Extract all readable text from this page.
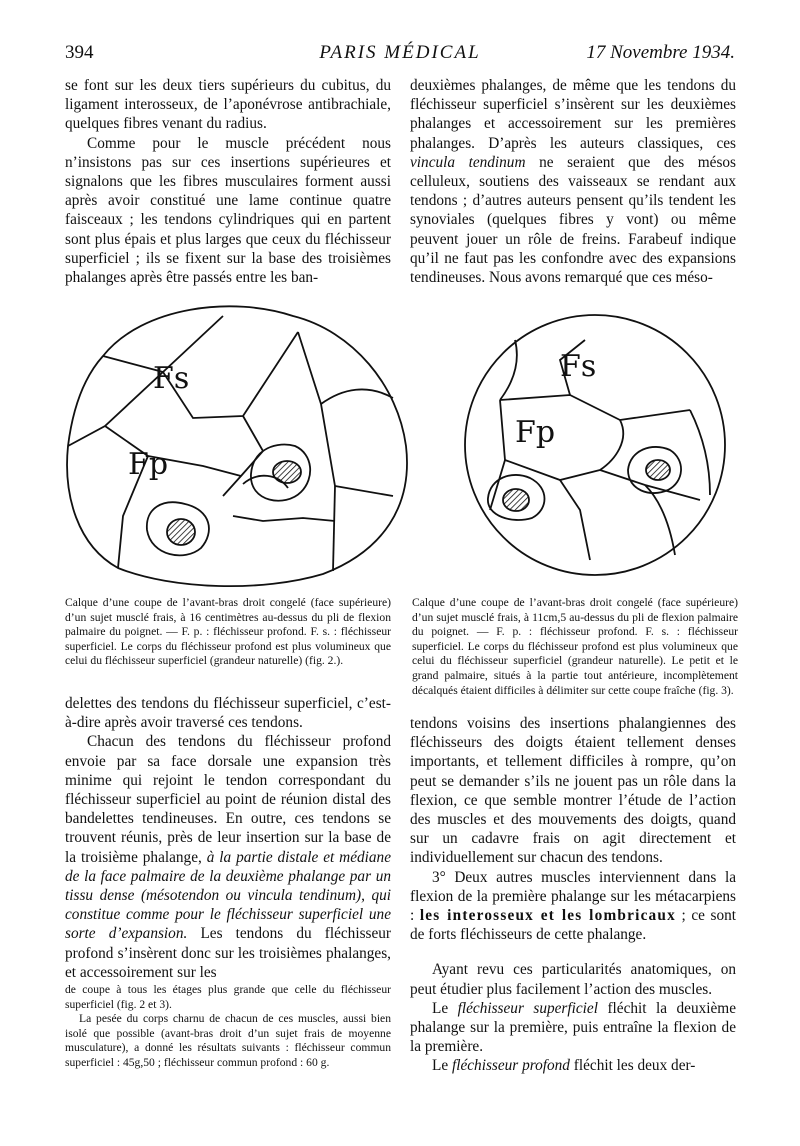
394	PARIS MÉDICAL	17 Novembre 1934.

se font sur les deux tiers supérieurs du cubitus, du ligament interosseux, de l’aponévrose antibrachiale, quelques fibres venant du radius.

Comme pour le muscle précédent nous n’insistons pas sur ces insertions supérieures et signalons que les fibres musculaires forment aussi après avoir constitué une lame continue quatre faisceaux ; les tendons cylindriques qui en partent sont plus épais et plus larges que ceux du fléchisseur superficiel ; ils se fixent sur la base des troisièmes phalanges après être passés entre les ban-

deuxièmes phalanges, de même que les tendons du fléchisseur superficiel s’insèrent sur les deuxièmes phalanges et accessoirement sur les premières phalanges. D’après les auteurs classiques, ces vincula tendinum ne seraient que des mésos celluleux, soutiens des vaisseaux se rendant aux tendons ; d’autres auteurs pensent qu’ils tendent les synoviales (quelques fibres y vont) ou même peuvent jouer un rôle de freins. Farabeuf indique qu’il ne faut pas les confondre avec des expansions tendineuses. Nous avons remarqué que ces méso-

Fs
Fp
Fs
Fp
Calque d’une coupe de l’avant-bras droit congelé (face supérieure) d’un sujet musclé frais, à 16 centimètres au-dessus du pli de flexion palmaire du poignet. — F. p. : fléchisseur profond. F. s. : fléchisseur superficiel. Le corps du fléchisseur profond est plus volumineux que celui du fléchisseur superficiel (grandeur naturelle) (fig. 2.).
Calque d’une coupe de l’avant-bras droit congelé (face supérieure) d’un sujet musclé frais, à 11cm,5 au-dessus du pli de flexion palmaire du poignet. — F. p. : fléchisseur profond. F. s. : fléchisseur superficiel. Le corps du fléchisseur profond est plus volumineux que celui du fléchisseur superficiel (grandeur naturelle). Le petit et le grand palmaire, situés à la partie tout antérieure, incomplètement décalqués étaient difficiles à délimiter sur cette coupe fraîche (fig. 3).

delettes des tendons du fléchisseur superficiel, c’est-à-dire après avoir traversé ces tendons.

Chacun des tendons du fléchisseur profond envoie par sa face dorsale une expansion très minime qui rejoint le tendon correspondant du fléchisseur superficiel au point de réunion distal des bandelettes tendineuses. En outre, ces tendons se trouvent réunis, près de leur insertion sur la base de la troisième phalange, à la partie distale et médiane de la face palmaire de la deuxième phalange par un tissu dense (mésotendon ou vincula tendinum), qui constitue comme pour le fléchisseur superficiel une sorte d’expansion. Les tendons du fléchisseur profond s’insèrent donc sur les troisièmes phalanges, et accessoirement sur les

de coupe à tous les étages plus grande que celle du fléchisseur superficiel (fig. 2 et 3).

La pesée du corps charnu de chacun de ces muscles, aussi bien isolé que possible (avant-bras droit d’un sujet frais de moyenne musculature), a donné les résultats suivants : fléchisseur commun superficiel : 45g,50 ; fléchisseur commun profond : 60 g.

tendons voisins des insertions phalangiennes des fléchisseurs des doigts étaient tellement denses importants, et tellement difficiles à rompre, qu’on peut se demander s’ils ne jouent pas un rôle dans la flexion, ce que semble montrer l’étude de l’action des muscles et des mouvements des doigts, quand sur un cadavre frais on agit directement et individuellement sur chacun des tendons.

3° Deux autres muscles interviennent dans la flexion de la première phalange sur les métacarpiens : les interosseux et les lombricaux ; ce sont de forts fléchisseurs de cette phalange.

Ayant revu ces particularités anatomiques, on peut étudier plus facilement l’action des muscles.

Le fléchisseur superficiel fléchit la deuxième phalange sur la première, puis entraîne la flexion de la première.

Le fléchisseur profond fléchit les deux der-
